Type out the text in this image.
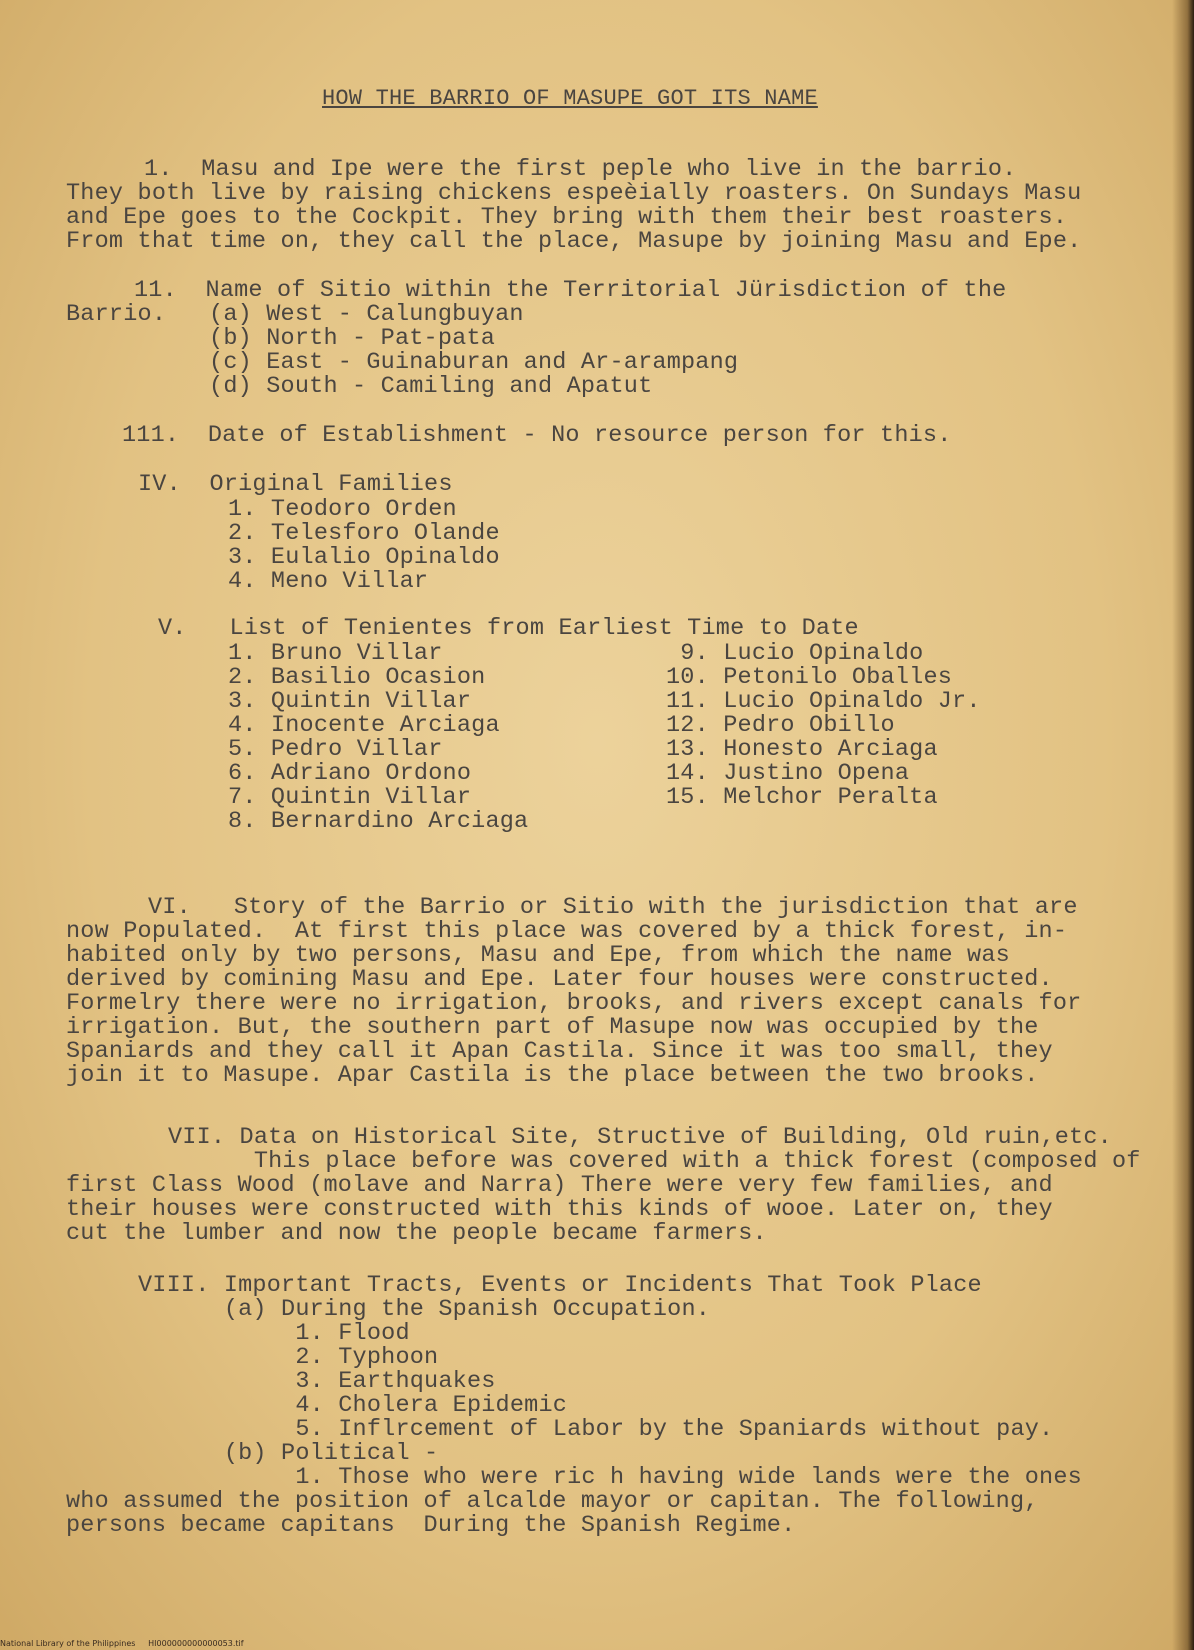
HOW THE BARRIO OF MASUPE GOT ITS NAME
1.  Masu and Ipe were the first peple who live in the barrio.
They both live by raising chickens espeèially roasters. On Sundays Masu
and Epe goes to the Cockpit. They bring with them their best roasters.
From that time on, they call the place, Masupe by joining Masu and Epe.
11.  Name of Sitio within the Territorial Jürisdiction of the
Barrio.   (a) West - Calungbuyan
(b) North - Pat-pata
(c) East - Guinaburan and Ar-arampang
(d) South - Camiling and Apatut
111.  Date of Establishment - No resource person for this.
IV.  Original Families
1. Teodoro Orden
2. Telesforo Olande
3. Eulalio Opinaldo
4. Meno Villar
V.   List of Tenientes from Earliest Time to Date
1. Bruno Villar
2. Basilio Ocasion
3. Quintin Villar
4. Inocente Arciaga
5. Pedro Villar
6. Adriano Ordono
7. Quintin Villar
8. Bernardino Arciaga
9. Lucio Opinaldo
10. Petonilo Oballes
11. Lucio Opinaldo Jr.
12. Pedro Obillo
13. Honesto Arciaga
14. Justino Opena
15. Melchor Peralta
VI.   Story of the Barrio or Sitio with the jurisdiction that are
now Populated.  At first this place was covered by a thick forest, in-
habited only by two persons, Masu and Epe, from which the name was
derived by comining Masu and Epe. Later four houses were constructed.
Formelry there were no irrigation, brooks, and rivers except canals for
irrigation. But, the southern part of Masupe now was occupied by the
Spaniards and they call it Apan Castila. Since it was too small, they
join it to Masupe. Apar Castila is the place between the two brooks.
VII. Data on Historical Site, Structive of Building, Old ruin,etc.
This place before was covered with a thick forest (composed of
first Class Wood (molave and Narra) There were very few families, and
their houses were constructed with this kinds of wooe. Later on, they
cut the lumber and now the people became farmers.
VIII. Important Tracts, Events or Incidents That Took Place
(a) During the Spanish Occupation.
1. Flood
2. Typhoon
3. Earthquakes
4. Cholera Epidemic
5. Inflrcement of Labor by the Spaniards without pay.
(b) Political -
1. Those who were ric h having wide lands were the ones
who assumed the position of alcalde mayor or capitan. The following,
persons became capitans  During the Spanish Regime.
National Library of the Philippines     HI000000000000053.tif
